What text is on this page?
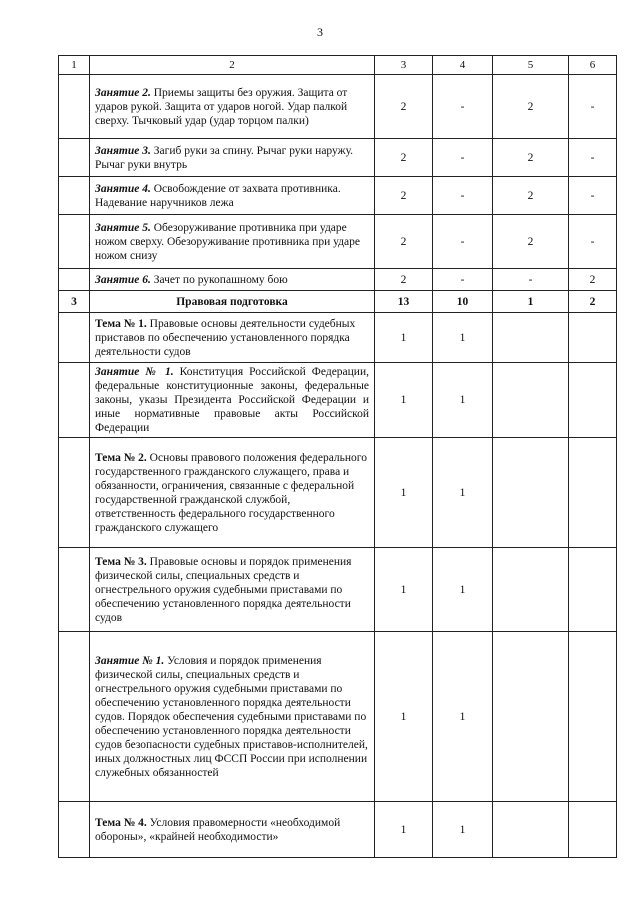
3
1	2	3	4	5	6
	Занятие 2. Приемы защиты без оружия. Защита от ударов рукой. Защита от ударов ногой. Удар палкой сверху. Тычковый удар (удар торцом палки)	2	-	2	-
	Занятие 3. Загиб руки за спину. Рычаг руки наружу. Рычаг руки внутрь	2	-	2	-
	Занятие 4. Освобождение от захвата противника. Надевание наручников лежа	2	-	2	-
	Занятие 5. Обезоруживание противника при ударе ножом сверху. Обезоруживание противника при ударе ножом снизу	2	-	2	-
	Занятие 6. Зачет по рукопашному бою	2	-	-	2
3	Правовая подготовка	13	10	1	2
	Тема № 1. Правовые основы деятельности судебных приставов по обеспечению установленного порядка деятельности судов	1	1		
	Занятие № 1. Конституция Российской Федерации, федеральные конституционные законы, федеральные законы, указы Президента Российской Федерации и иные нормативные правовые акты Российской Федерации	1	1		
	Тема № 2. Основы правового положения федерального государственного гражданского служащего, права и обязанности, ограничения, связанные с федеральной государственной гражданской службой, ответственность федерального государственного гражданского служащего	1	1		
	Тема № 3. Правовые основы и порядок применения физической силы, специальных средств и огнестрельного оружия судебными приставами по обеспечению установленного порядка деятельности судов	1	1		
	Занятие № 1. Условия и порядок применения физической силы, специальных средств и огнестрельного оружия судебными приставами по обеспечению установленного порядка деятельности судов. Порядок обеспечения судебными приставами по обеспечению установленного порядка деятельности судов безопасности судебных приставов-исполнителей, иных должностных лиц ФССП России при исполнении служебных обязанностей	1	1		
	Тема № 4. Условия правомерности «необходимой обороны», «крайней необходимости»	1	1		
